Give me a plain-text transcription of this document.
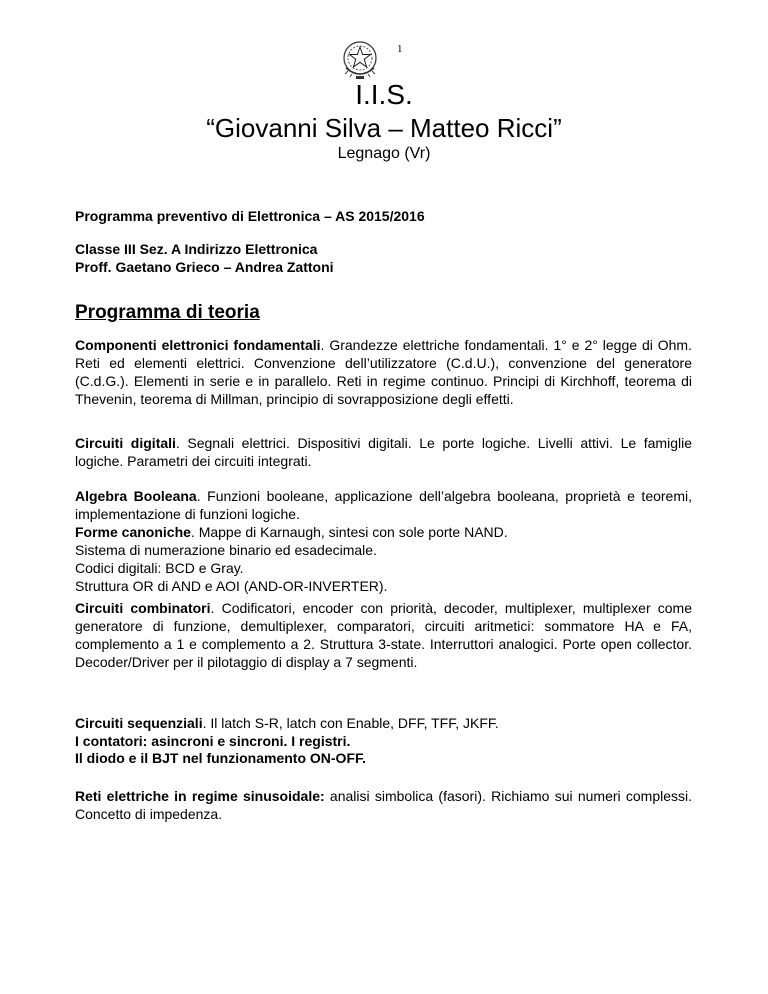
1
I.I.S.
“Giovanni Silva – Matteo Ricci”
Legnago (Vr)
Programma preventivo di Elettronica – AS 2015/2016
Classe III Sez. A Indirizzo Elettronica
Proff. Gaetano Grieco – Andrea Zattoni
Programma di teoria
Componenti elettronici fondamentali. Grandezze elettriche fondamentali. 1° e 2° legge di Ohm. Reti ed elementi elettrici. Convenzione dell’utilizzatore (C.d.U.), convenzione del generatore (C.d.G.). Elementi in serie e in parallelo. Reti in regime continuo. Principi di Kirchhoff, teorema di Thevenin, teorema di Millman, principio di sovrapposizione degli effetti.
Circuiti digitali. Segnali elettrici. Dispositivi digitali. Le porte logiche. Livelli attivi. Le famiglie logiche. Parametri dei circuiti integrati.
Algebra Booleana. Funzioni booleane, applicazione dell’algebra booleana, proprietà e teoremi, implementazione di funzioni logiche.
Forme canoniche. Mappe di Karnaugh, sintesi con sole porte NAND.
Sistema di numerazione binario ed esadecimale.
Codici digitali: BCD e Gray.
Struttura OR di AND e AOI (AND-OR-INVERTER).
Circuiti combinatori. Codificatori, encoder con priorità, decoder, multiplexer, multiplexer come generatore di funzione, demultiplexer, comparatori, circuiti aritmetici: sommatore HA e FA, complemento a 1 e complemento a 2. Struttura 3-state. Interruttori analogici. Porte open collector. Decoder/Driver per il pilotaggio di display a 7 segmenti.
Circuiti sequenziali. Il latch S-R, latch con Enable, DFF, TFF, JKFF.
I contatori: asincroni e sincroni. I registri.
Il diodo e il BJT nel funzionamento ON-OFF.
Reti elettriche in regime sinusoidale: analisi simbolica (fasori). Richiamo sui numeri complessi. Concetto di impedenza.
